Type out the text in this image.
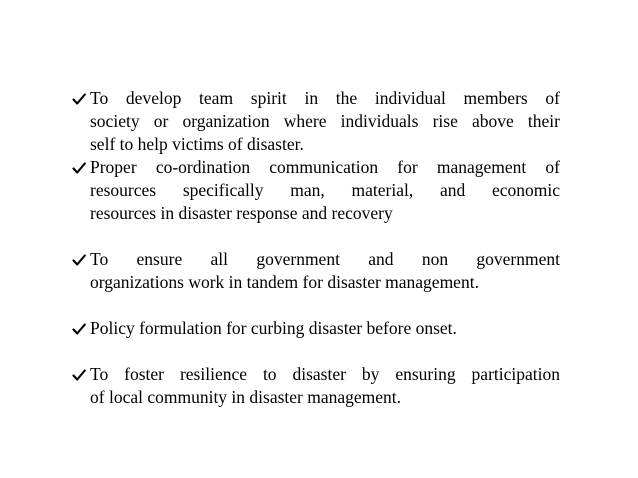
To develop team spirit in the individual members of
society or organization where individuals rise above their
self to help victims of disaster.
Proper co-ordination communication for management of
resources specifically man, material, and economic
resources in disaster response and recovery
To ensure all government and non government
organizations work in tandem for disaster management.
Policy formulation for curbing disaster before onset.
To foster resilience to disaster by ensuring participation
of local community in disaster management.
